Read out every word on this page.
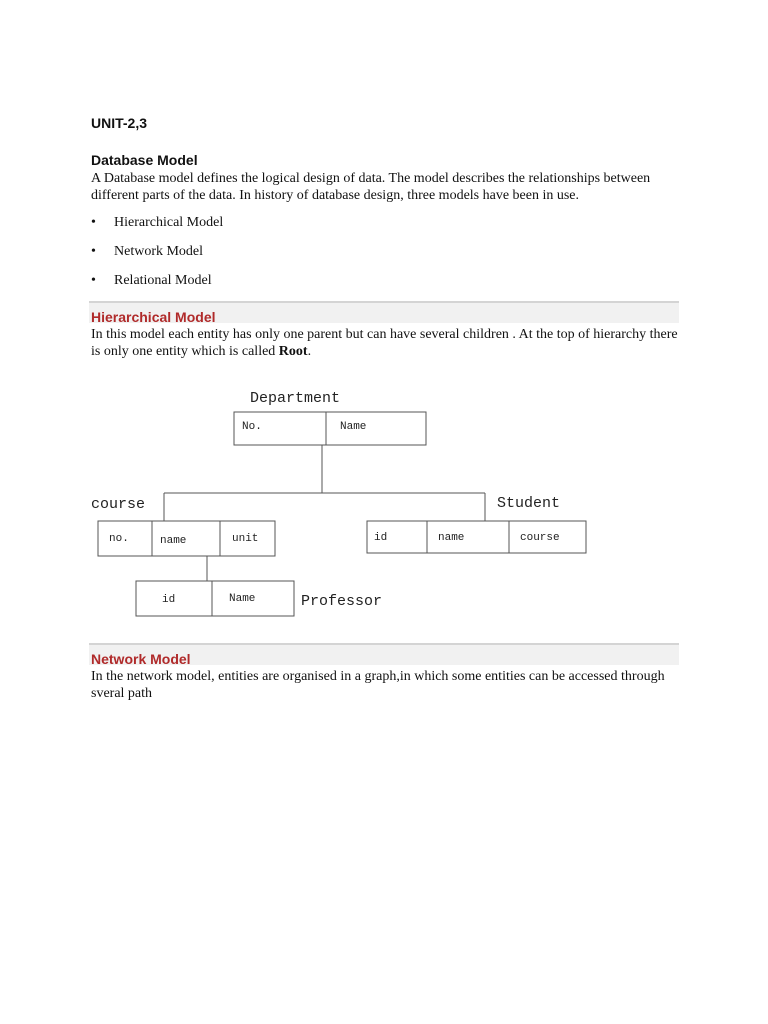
UNIT-2,3
Database Model

A Database model defines the logical design of data. The model describes the relationships between different parts of the data. In history of database design, three models have been in use.

• Hierarchical Model
• Network Model
• Relational Model
Hierarchical Model

In this model each entity has only one parent but can have several children . At the top of hierarchy there is only one entity which is called Root.

Department
No.	Name
course
no.	name	unit
Student
id	name	course
id	Name	Professor
Network Model

In the network model, entities are organised in a graph,in which some entities can be accessed through sveral path
